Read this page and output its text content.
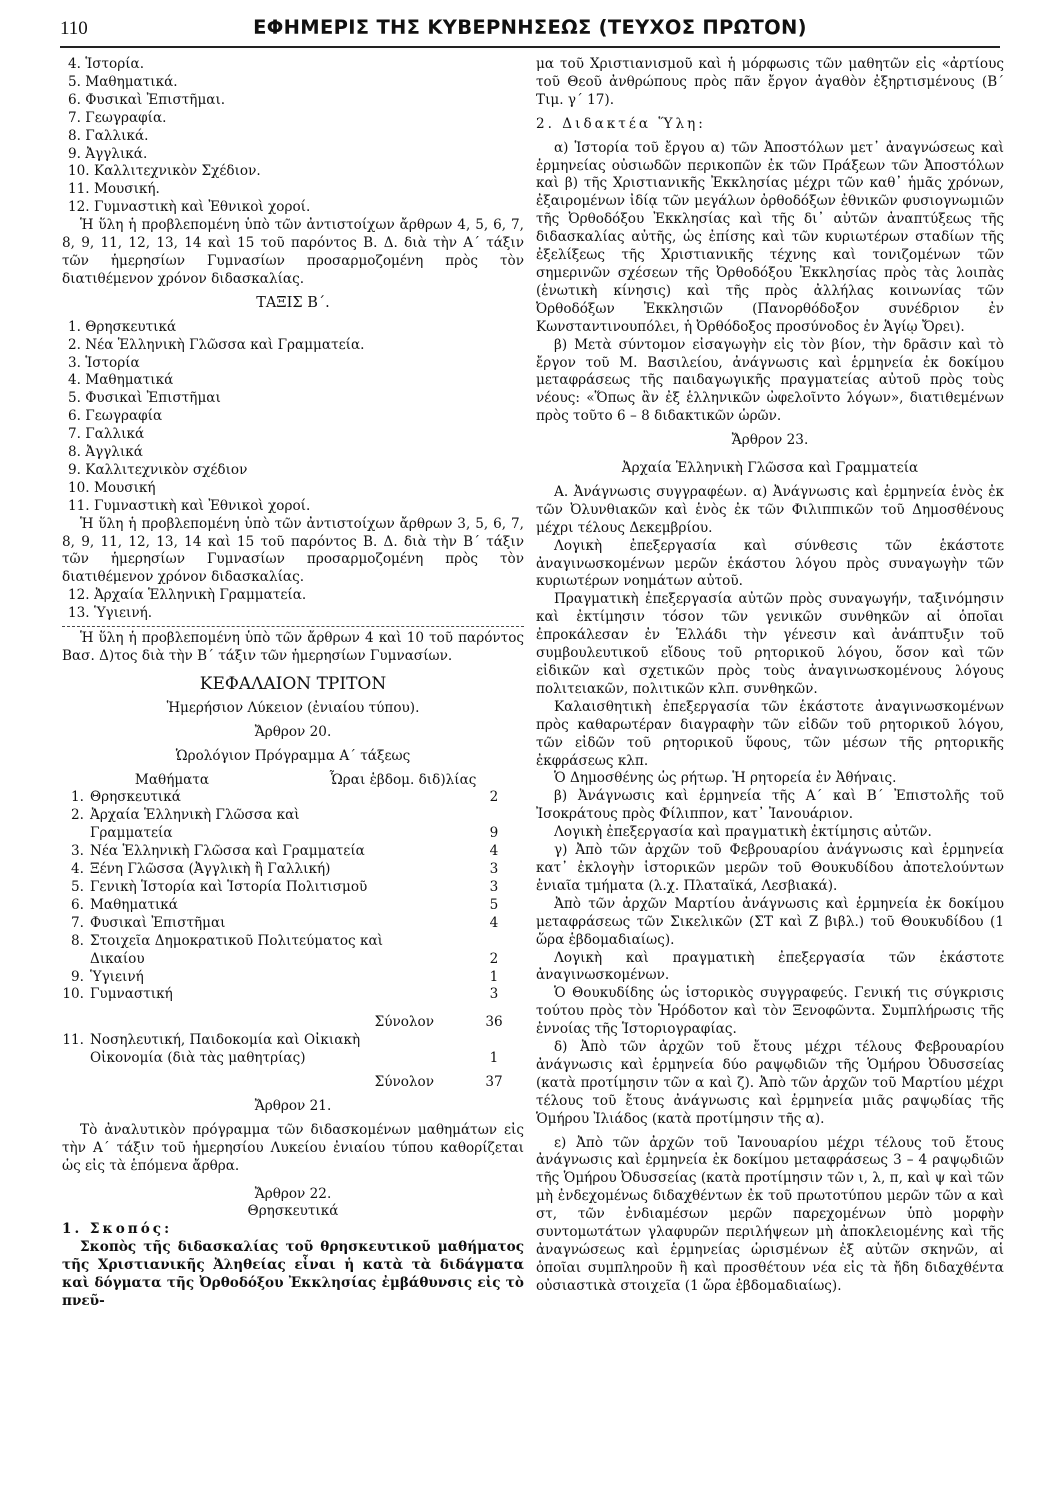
110	ΕΦΗΜΕΡΙΣ ΤΗΣ ΚΥΒΕΡΝΗΣΕΩΣ (ΤΕΥΧΟΣ ΠΡΩΤΟΝ)

4. Ἱστορία.

5. Μαθηματικά.

6. Φυσικαὶ Ἐπιστῆμαι.

7. Γεωγραφία.

8. Γαλλικά.

9. Ἀγγλικά.

10. Καλλιτεχνικὸν Σχέδιον.

11. Μουσική.

12. Γυμναστικὴ καὶ Ἐθνικοὶ χοροί.

Ἡ ὕλη ἡ προβλεπομένη ὑπὸ τῶν ἀντιστοίχων ἄρθρων 4, 5, 6, 7, 8, 9, 11, 12, 13, 14 καὶ 15 τοῦ παρόντος Β. Δ. διὰ τὴν Α΄ τάξιν τῶν ἡμερησίων Γυμνασίων προσαρμοζομένη πρὸς τὸν διατιθέμενον χρόνον διδασκαλίας.

ΤΑΞΙΣ Β΄.

1. Θρησκευτικά

2. Νέα Ἑλληνικὴ Γλῶσσα καὶ Γραμματεία.

3. Ἱστορία

4. Μαθηματικά

5. Φυσικαὶ Ἐπιστῆμαι

6. Γεωγραφία

7. Γαλλικά

8. Ἀγγλικά

9. Καλλιτεχνικὸν σχέδιον

10. Μουσική

11. Γυμναστικὴ καὶ Ἐθνικοὶ χοροί.

Ἡ ὕλη ἡ προβλεπομένη ὑπὸ τῶν ἀντιστοίχων ἄρθρων 3, 5, 6, 7, 8, 9, 11, 12, 13, 14 καὶ 15 τοῦ παρόντος Β. Δ. διὰ τὴν Β΄ τάξιν τῶν ἡμερησίων Γυμνασίων προσαρμοζομένη πρὸς τὸν διατιθέμενον χρόνον διδασκαλίας.

12. Ἀρχαία Ἑλληνικὴ Γραμματεία.

13. Ὑγιεινή.

Ἡ ὕλη ἡ προβλεπομένη ὑπὸ τῶν ἄρθρων 4 καὶ 10 τοῦ παρόντος Βασ. Δ)τος διὰ τὴν Β΄ τάξιν τῶν ἡμερησίων Γυμνασίων.

ΚΕΦΑΛΑΙΟΝ ΤΡΙΤΟΝ

Ἡμερήσιον Λύκειον (ἐνιαίου τύπου).

Ἄρθρον 20.

Ὡρολόγιον Πρόγραμμα Α΄ τάξεως

Μαθήματα	Ὧραι ἑβδομ. διδ)λίας
1. Θρησκευτικά	2
2. Ἀρχαία Ἑλληνικὴ Γλῶσσα καὶ Γραμματεία	9
3. Νέα Ἑλληνικὴ Γλῶσσα καὶ Γραμματεία	4
4. Ξένη Γλῶσσα (Ἀγγλικὴ ἢ Γαλλική)	3
5. Γενικὴ Ἱστορία καὶ Ἱστορία Πολιτισμοῦ	3
6. Μαθηματικά	5
7. Φυσικαὶ Ἐπιστῆμαι	4
8. Στοιχεῖα Δημοκρατικοῦ Πολιτεύματος καὶ Δικαίου	2
9. Ὑγιεινή	1
10. Γυμναστική	3
Σύνολον	36
11. Νοσηλευτική, Παιδοκομία καὶ Οἰκιακὴ Οἰκονομία (διὰ τὰς μαθητρίας)	1
Σύνολον	37

Ἄρθρον 21.

Τὸ ἀναλυτικὸν πρόγραμμα τῶν διδασκομένων μαθημάτων εἰς τὴν Α΄ τάξιν τοῦ ἡμερησίου Λυκείου ἐνιαίου τύπου καθορίζεται ὡς εἰς τὰ ἑπόμενα ἄρθρα.

Ἄρθρον 22.

Θρησκευτικά

1. Σκοπός:

Σκοπὸς τῆς διδασκαλίας τοῦ θρησκευτικοῦ μαθήματος τῆς Χριστιανικῆς Ἀληθείας εἶναι ἡ κατὰ τὰ διδάγματα καὶ δόγματα τῆς Ὀρθοδόξου Ἐκκλησίας ἐμβάθυνσις εἰς τὸ πνεῦ-

μα τοῦ Χριστιανισμοῦ καὶ ἡ μόρφωσις τῶν μαθητῶν εἰς «ἀρτίους τοῦ Θεοῦ ἀνθρώπους πρὸς πᾶν ἔργον ἀγαθὸν ἐξηρτισμένους (Β΄ Τιμ. γ΄ 17).

2. Διδακτέα Ὕλη:

α) Ἱστορία τοῦ ἔργου α) τῶν Ἀποστόλων μετ᾽ ἀναγνώσεως καὶ ἑρμηνείας οὐσιωδῶν περικοπῶν ἐκ τῶν Πράξεων τῶν Ἀποστόλων καὶ β) τῆς Χριστιανικῆς Ἐκκλησίας μέχρι τῶν καθ᾽ ἡμᾶς χρόνων, ἐξαιρομένων ἰδίᾳ τῶν μεγάλων ὀρθοδόξων ἐθνικῶν φυσιογνωμιῶν τῆς Ὀρθοδόξου Ἐκκλησίας καὶ τῆς δι᾽ αὐτῶν ἀναπτύξεως τῆς διδασκαλίας αὐτῆς, ὡς ἐπίσης καὶ τῶν κυριωτέρων σταδίων τῆς ἐξελίξεως τῆς Χριστιανικῆς τέχνης καὶ τονιζομένων τῶν σημερινῶν σχέσεων τῆς Ὀρθοδόξου Ἐκκλησίας πρὸς τὰς λοιπὰς (ἑνωτικὴ κίνησις) καὶ τῆς πρὸς ἀλλήλας κοινωνίας τῶν Ὀρθοδόξων Ἐκκλησιῶν (Πανορθόδοξον συνέδριον ἐν Κωνσταντινουπόλει, ἡ Ὀρθόδοξος προσύνοδος ἐν Ἁγίῳ Ὄρει).

β) Μετὰ σύντομον εἰσαγωγὴν εἰς τὸν βίον, τὴν δρᾶσιν καὶ τὸ ἔργον τοῦ Μ. Βασιλείου, ἀνάγνωσις καὶ ἑρμηνεία ἐκ δοκίμου μεταφράσεως τῆς παιδαγωγικῆς πραγματείας αὐτοῦ πρὸς τοὺς νέους: «Ὅπως ἂν ἐξ ἑλληνικῶν ὠφελοῖντο λόγων», διατιθεμένων πρὸς τοῦτο 6 – 8 διδακτικῶν ὡρῶν.

Ἄρθρον 23.

Ἀρχαία Ἑλληνικὴ Γλῶσσα καὶ Γραμματεία

Α. Ἀνάγνωσις συγγραφέων. α) Ἀνάγνωσις καὶ ἑρμηνεία ἑνὸς ἐκ τῶν Ὀλυνθιακῶν καὶ ἑνὸς ἐκ τῶν Φιλιππικῶν τοῦ Δημοσθένους μέχρι τέλους Δεκεμβρίου.

Λογικὴ ἐπεξεργασία καὶ σύνθεσις τῶν ἑκάστοτε ἀναγινωσκομένων μερῶν ἑκάστου λόγου πρὸς συναγωγὴν τῶν κυριωτέρων νοημάτων αὐτοῦ.

Πραγματικὴ ἐπεξεργασία αὐτῶν πρὸς συναγωγήν, ταξινόμησιν καὶ ἐκτίμησιν τόσον τῶν γενικῶν συνθηκῶν αἱ ὁποῖαι ἐπροκάλεσαν ἐν Ἑλλάδι τὴν γένεσιν καὶ ἀνάπτυξιν τοῦ συμβουλευτικοῦ εἴδους τοῦ ρητορικοῦ λόγου, ὅσον καὶ τῶν εἰδικῶν καὶ σχετικῶν πρὸς τοὺς ἀναγινωσκομένους λόγους πολιτειακῶν, πολιτικῶν κλπ. συνθηκῶν.

Καλαισθητικὴ ἐπεξεργασία τῶν ἑκάστοτε ἀναγινωσκομένων πρὸς καθαρωτέραν διαγραφὴν τῶν εἰδῶν τοῦ ρητορικοῦ λόγου, τῶν εἰδῶν τοῦ ρητορικοῦ ὕφους, τῶν μέσων τῆς ρητορικῆς ἐκφράσεως κλπ.

Ὁ Δημοσθένης ὡς ρήτωρ. Ἡ ρητορεία ἐν Ἀθήναις.

β) Ἀνάγνωσις καὶ ἑρμηνεία τῆς Α΄ καὶ Β΄ Ἐπιστολῆς τοῦ Ἰσοκράτους πρὸς Φίλιππον, κατ᾽ Ἰανουάριον.

Λογικὴ ἐπεξεργασία καὶ πραγματικὴ ἐκτίμησις αὐτῶν.

γ) Ἀπὸ τῶν ἀρχῶν τοῦ Φεβρουαρίου ἀνάγνωσις καὶ ἑρμηνεία κατ᾽ ἐκλογὴν ἱστορικῶν μερῶν τοῦ Θουκυδίδου ἀποτελούντων ἑνιαῖα τμήματα (λ.χ. Πλαταϊκά, Λεσβιακά).

Ἀπὸ τῶν ἀρχῶν Μαρτίου ἀνάγνωσις καὶ ἑρμηνεία ἐκ δοκίμου μεταφράσεως τῶν Σικελικῶν (ΣΤ καὶ Ζ βιβλ.) τοῦ Θουκυδίδου (1 ὥρα ἑβδομαδιαίως).

Λογικὴ καὶ πραγματικὴ ἐπεξεργασία τῶν ἑκάστοτε ἀναγινωσκομένων.

Ὁ Θουκυδίδης ὡς ἱστορικὸς συγγραφεύς. Γενική τις σύγκρισις τούτου πρὸς τὸν Ἡρόδοτον καὶ τὸν Ξενοφῶντα. Συμπλήρωσις τῆς ἐννοίας τῆς Ἱστοριογραφίας.

δ) Ἀπὸ τῶν ἀρχῶν τοῦ ἔτους μέχρι τέλους Φεβρουαρίου ἀνάγνωσις καὶ ἑρμηνεία δύο ραψῳδιῶν τῆς Ὁμήρου Ὀδυσσείας (κατὰ προτίμησιν τῶν α καὶ ζ). Ἀπὸ τῶν ἀρχῶν τοῦ Μαρτίου μέχρι τέλους τοῦ ἔτους ἀνάγνωσις καὶ ἑρμηνεία μιᾶς ραψῳδίας τῆς Ὁμήρου Ἰλιάδος (κατὰ προτίμησιν τῆς α).

ε) Ἀπὸ τῶν ἀρχῶν τοῦ Ἰανουαρίου μέχρι τέλους τοῦ ἔτους ἀνάγνωσις καὶ ἑρμηνεία ἐκ δοκίμου μεταφράσεως 3 – 4 ραψῳδιῶν τῆς Ὁμήρου Ὀδυσσείας (κατὰ προτίμησιν τῶν ι, λ, π, καὶ ψ καὶ τῶν μὴ ἐνδεχομένως διδαχθέντων ἐκ τοῦ πρωτοτύπου μερῶν τῶν α καὶ στ, τῶν ἐνδιαμέσων μερῶν παρεχομένων ὑπὸ μορφὴν συντομωτάτων γλαφυρῶν περιλήψεων μὴ ἀποκλειομένης καὶ τῆς ἀναγνώσεως καὶ ἑρμηνείας ὡρισμένων ἐξ αὐτῶν σκηνῶν, αἱ ὁποῖαι συμπληροῦν ἢ καὶ προσθέτουν νέα εἰς τὰ ἤδη διδαχθέντα οὐσιαστικὰ στοιχεῖα (1 ὥρα ἑβδομαδιαίως).
